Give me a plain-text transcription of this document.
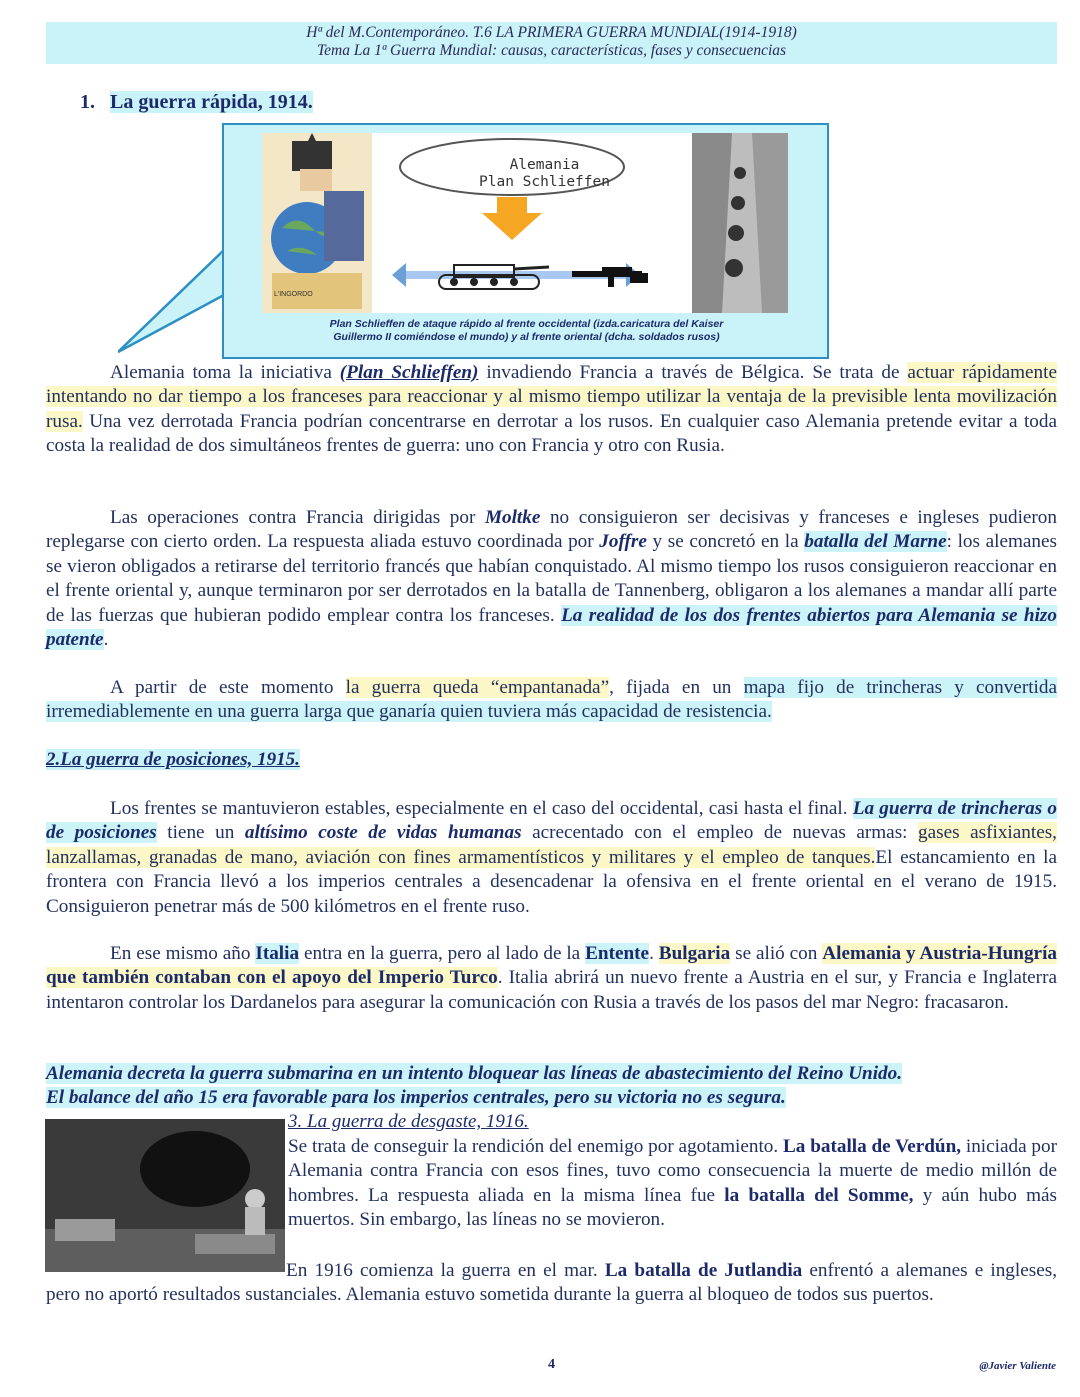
Hª del M.Contemporáneo. T.6 LA PRIMERA GUERRA MUNDIAL(1914-1918)
Tema La 1ª Guerra Mundial: causas, características, fases y consecuencias
1. La guerra rápida, 1914.
L'INGORDO
Alemania
Plan Schlieffen
Plan Schlieffen de ataque rápido al frente occidental (izda.caricatura del Kaiser
Guillermo II comiéndose el mundo) y al frente oriental (dcha. soldados rusos)
Alemania toma la iniciativa (Plan Schlieffen) invadiendo Francia a través de Bélgica. Se trata de actuar rápidamente intentando no dar tiempo a los franceses para reaccionar y al mismo tiempo utilizar la ventaja de la previsible lenta movilización rusa. Una vez derrotada Francia podrían concentrarse en derrotar a los rusos. En cualquier caso Alemania pretende evitar a toda costa la realidad de dos simultáneos frentes de guerra: uno con Francia y otro con Rusia.
Las operaciones contra Francia dirigidas por Moltke no consiguieron ser decisivas y franceses e ingleses pudieron replegarse con cierto orden. La respuesta aliada estuvo coordinada por Joffre y se concretó en la batalla del Marne: los alemanes se vieron obligados a retirarse del territorio francés que habían conquistado. Al mismo tiempo los rusos consiguieron reaccionar en el frente oriental y, aunque terminaron por ser derrotados en la batalla de Tannenberg, obligaron a los alemanes a mandar allí parte de las fuerzas que hubieran podido emplear contra los franceses. La realidad de los dos frentes abiertos para Alemania se hizo patente.
A partir de este momento la guerra queda “empantanada”, fijada en un mapa fijo de trincheras y convertida irremediablemente en una guerra larga que ganaría quien tuviera más capacidad de resistencia.
2.La guerra de posiciones, 1915.
Los frentes se mantuvieron estables, especialmente en el caso del occidental, casi hasta el final. La guerra de trincheras o de posiciones tiene un altísimo coste de vidas humanas acrecentado con el empleo de nuevas armas: gases asfixiantes, lanzallamas, granadas de mano, aviación con fines armamentísticos y militares y el empleo de tanques.El estancamiento en la frontera con Francia llevó a los imperios centrales a desencadenar la ofensiva en el frente oriental en el verano de 1915. Consiguieron penetrar más de 500 kilómetros en el frente ruso.
En ese mismo año Italia entra en la guerra, pero al lado de la Entente. Bulgaria se alió con Alemania y Austria-Hungría que también contaban con el apoyo del Imperio Turco. Italia abrirá un nuevo frente a Austria en el sur, y Francia e Inglaterra intentaron controlar los Dardanelos para asegurar la comunicación con Rusia a través de los pasos del mar Negro: fracasaron.
Alemania decreta la guerra submarina en un intento bloquear las líneas de abastecimiento del Reino Unido.
El balance del año 15 era favorable para los imperios centrales, pero su victoria no es segura.
3. La guerra de desgaste, 1916.
Se trata de conseguir la rendición del enemigo por agotamiento. La batalla de Verdún, iniciada por Alemania contra Francia con esos fines, tuvo como consecuencia la muerte de medio millón de hombres. La respuesta aliada en la misma línea fue la batalla del Somme, y aún hubo más muertos. Sin embargo, las líneas no se movieron.
En 1916 comienza la guerra en el mar. La batalla de Jutlandia enfrentó a alemanes e ingleses, pero no aportó resultados sustanciales. Alemania estuvo sometida durante la guerra al bloqueo de todos sus puertos.
4	@Javier Valiente
